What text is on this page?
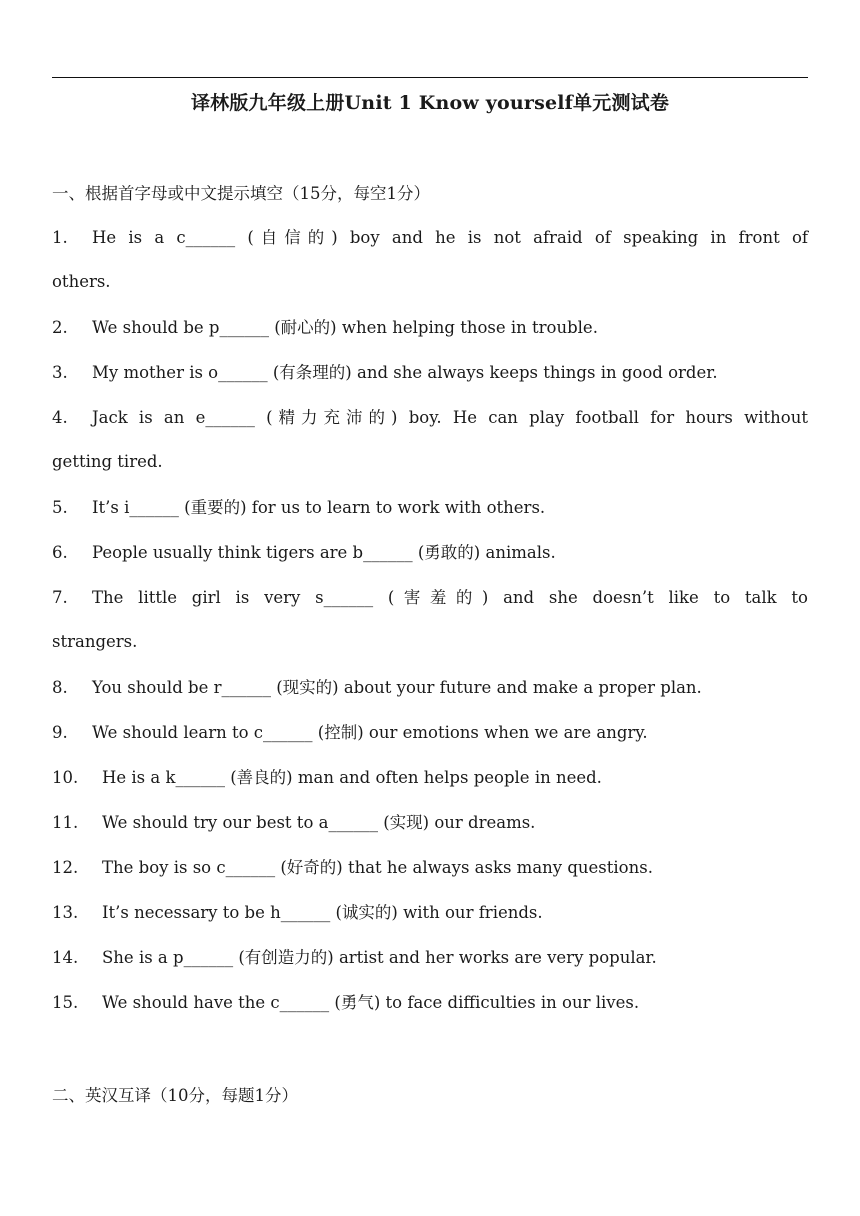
译林版九年级上册Unit 1 Know yourself单元测试卷
一、根据首字母或中文提示填空（15分，每空1分）
1. He is a c______ (自信的) boy and he is not afraid of speaking in front of
others.
2. We should be p______ (耐心的) when helping those in trouble.
3. My mother is o______ (有条理的) and she always keeps things in good order.
4. Jack is an e______ (精力充沛的) boy. He can play football for hours without
getting tired.
5. It’s i______ (重要的) for us to learn to work with others.
6. People usually think tigers are b______ (勇敢的) animals.
7. The little girl is very s______ (害羞的) and she doesn’t like to talk to
strangers.
8. You should be r______ (现实的) about your future and make a proper plan.
9. We should learn to c______ (控制) our emotions when we are angry.
10. He is a k______ (善良的) man and often helps people in need.
11. We should try our best to a______ (实现) our dreams.
12. The boy is so c______ (好奇的) that he always asks many questions.
13. It’s necessary to be h______ (诚实的) with our friends.
14. She is a p______ (有创造力的) artist and her works are very popular.
15. We should have the c______ (勇气) to face difficulties in our lives.
二、英汉互译（10分，每题1分）
